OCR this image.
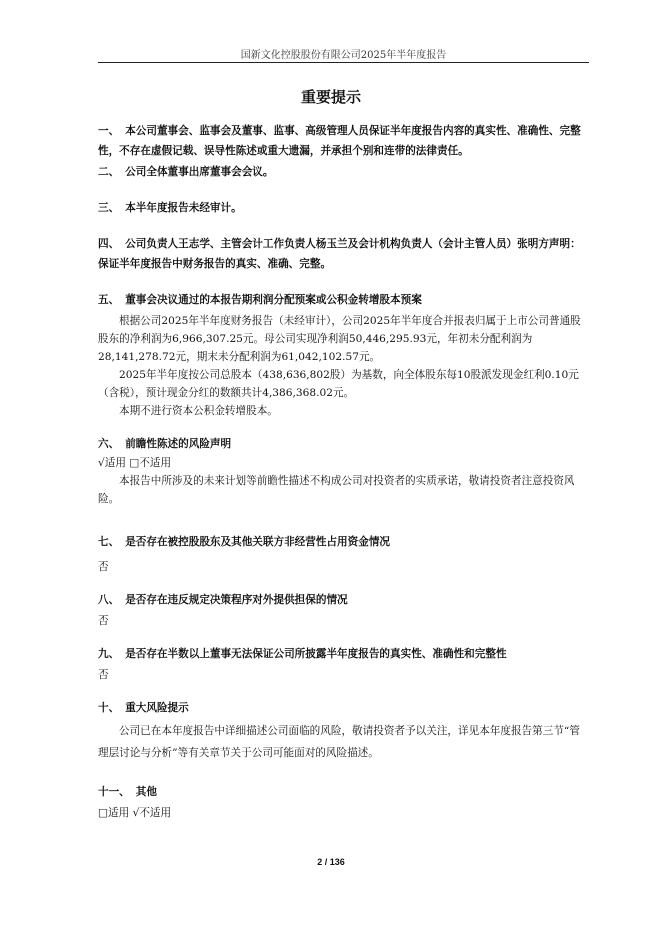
国新文化控股股份有限公司2025年半年度报告
重要提示
一、 本公司董事会、监事会及董事、监事、高级管理人员保证半年度报告内容的真实性、准确性、完整性，不存在虚假记载、误导性陈述或重大遗漏，并承担个别和连带的法律责任。
二、 公司全体董事出席董事会会议。
三、 本半年度报告未经审计。
四、 公司负责人王志学、主管会计工作负责人杨玉兰及会计机构负责人（会计主管人员）张明方声明：保证半年度报告中财务报告的真实、准确、完整。
五、 董事会决议通过的本报告期利润分配预案或公积金转增股本预案

根据公司2025年半年度财务报告（未经审计），公司2025年半年度合并报表归属于上市公司普通股股东的净利润为6,966,307.25元。母公司实现净利润50,446,295.93元，年初未分配利润为28,141,278.72元，期末未分配利润为61,042,102.57元。

2025年半年度按公司总股本（438,636,802股）为基数，向全体股东每10股派发现金红利0.10元（含税），预计现金分红的数额共计4,386,368.02元。

本期不进行资本公积金转增股本。

六、 前瞻性陈述的风险声明

√适用 □不适用

本报告中所涉及的未来计划等前瞻性描述不构成公司对投资者的实质承诺，敬请投资者注意投资风险。

七、 是否存在被控股股东及其他关联方非经营性占用资金情况

否

八、 是否存在违反规定决策程序对外提供担保的情况

否

九、 是否存在半数以上董事无法保证公司所披露半年度报告的真实性、准确性和完整性

否

十、 重大风险提示

公司已在本年度报告中详细描述公司面临的风险，敬请投资者予以关注，详见本年度报告第三节“管理层讨论与分析”等有关章节关于公司可能面对的风险描述。

十一、 其他

□适用 √不适用

2 / 136
